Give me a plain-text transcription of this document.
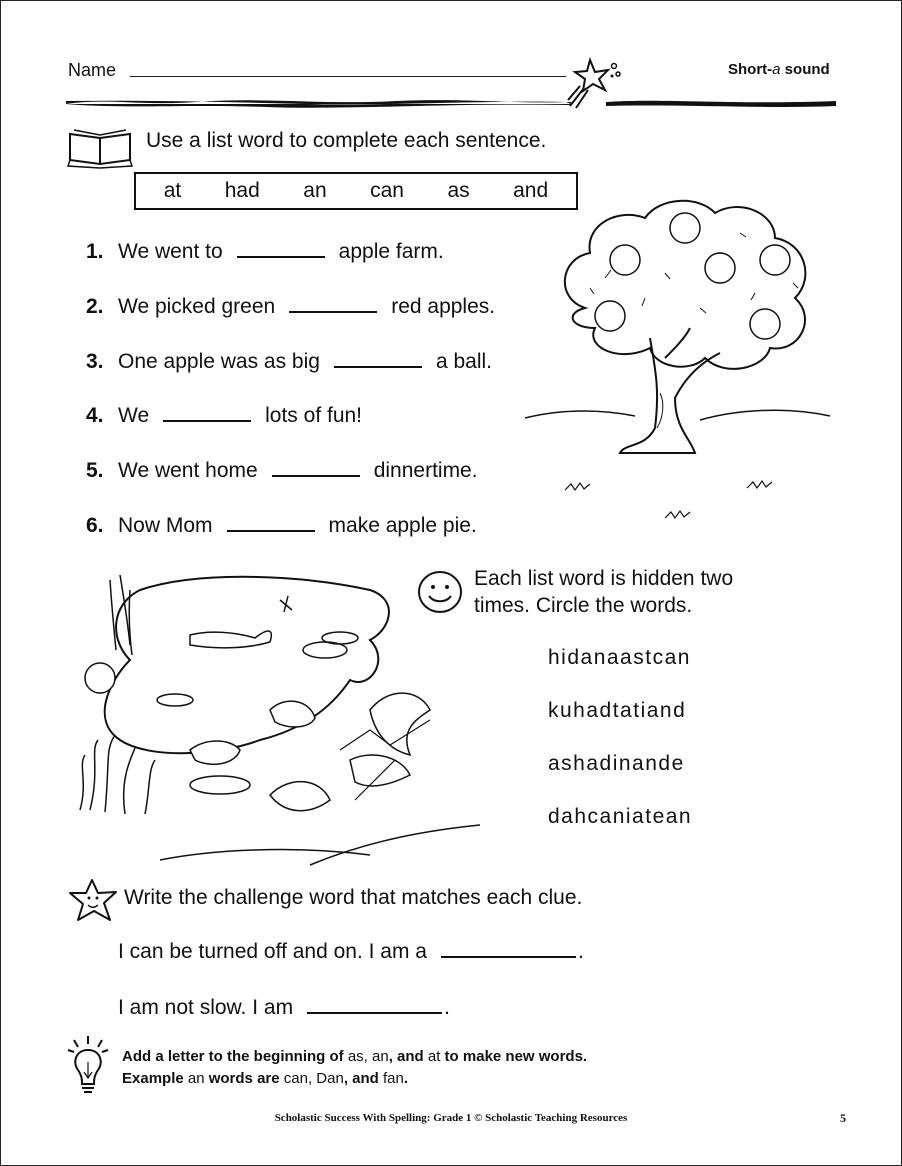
Name	Short-a sound
Use a list word to complete each sentence.
at had an can as and
1. We went to	apple farm.
2. We picked green	red apples.
3. One apple was as big	a ball.
4. We	lots of fun!
5. We went home	dinnertime.
6. Now Mom	make apple pie.
Each list word is hidden two
times. Circle the words.
hidanaastcan
kuhadtatiand
ashadinande
dahcaniatean
Write the challenge word that matches each clue.
I can be turned off and on. I am a	.
I am not slow. I am	.
Add a letter to the beginning of as, an, and at to make new words.
Example an words are can, Dan, and fan.
Scholastic Success With Spelling: Grade 1 © Scholastic Teaching Resources	5
